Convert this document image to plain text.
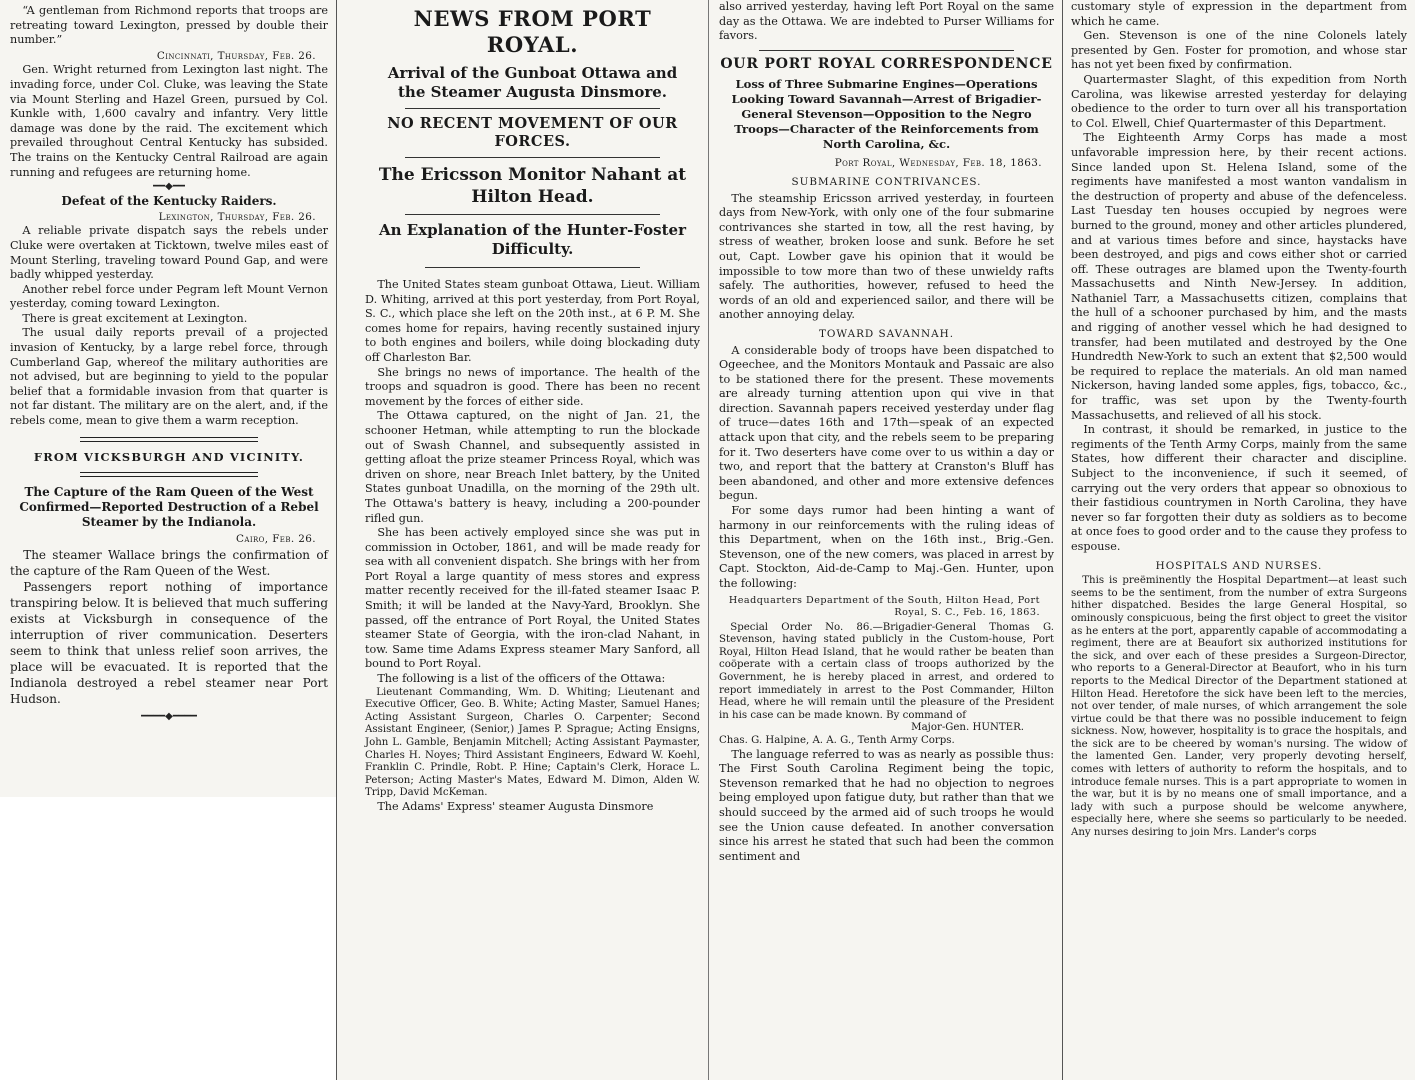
“A gentleman from Richmond reports that troops are retreating toward Lexington, pressed by double their number.”

Cincinnati, Thursday, Feb. 26.

Gen. Wright returned from Lexington last night. The invading force, under Col. Cluke, was leaving the State via Mount Sterling and Hazel Green, pursued by Col. Kunkle with, 1,600 cavalry and infantry. Very little damage was done by the raid. The excitement which prevailed throughout Central Kentucky has subsided. The trains on the Kentucky Central Railroad are again running and refugees are returning home.

━━◆━━
Defeat of the Kentucky Raiders.
Lexington, Thursday, Feb. 26.

A reliable private dispatch says the rebels under Cluke were overtaken at Ticktown, twelve miles east of Mount Sterling, traveling toward Pound Gap, and were badly whipped yesterday.

Another rebel force under Pegram left Mount Vernon yesterday, coming toward Lexington.

There is great excitement at Lexington.

The usual daily reports prevail of a projected invasion of Kentucky, by a large rebel force, through Cumberland Gap, whereof the military authorities are not advised, but are beginning to yield to the popular belief that a formidable invasion from that quarter is not far distant. The military are on the alert, and, if the rebels come, mean to give them a warm reception.

FROM VICKSBURGH AND VICINITY.
The Capture of the Ram Queen of the West Confirmed—Reported Destruction of a Rebel Steamer by the Indianola.
Cairo, Feb. 26.

The steamer Wallace brings the confirmation of the capture of the Ram Queen of the West.

Passengers report nothing of importance transpiring below. It is believed that much suffering exists at Vicksburgh in consequence of the interruption of river communication. Deserters seem to think that unless relief soon arrives, the place will be evacuated. It is reported that the Indianola destroyed a rebel steamer near Port Hudson.

━━━━◆━━━━
NEWS FROM PORT ROYAL.
Arrival of the Gunboat Ottawa and the Steamer Augusta Dinsmore.
NO RECENT MOVEMENT OF OUR FORCES.
The Ericsson Monitor Nahant at Hilton Head.
An Explanation of the Hunter-Foster Difficulty.

The United States steam gunboat Ottawa, Lieut. William D. Whiting, arrived at this port yesterday, from Port Royal, S. C., which place she left on the 20th inst., at 6 P. M. She comes home for repairs, having recently sustained injury to both engines and boilers, while doing blockading duty off Charleston Bar.

She brings no news of importance. The health of the troops and squadron is good. There has been no recent movement by the forces of either side.

The Ottawa captured, on the night of Jan. 21, the schooner Hetman, while attempting to run the blockade out of Swash Channel, and subsequently assisted in getting afloat the prize steamer Princess Royal, which was driven on shore, near Breach Inlet battery, by the United States gunboat Unadilla, on the morning of the 29th ult. The Ottawa's battery is heavy, including a 200-pounder rifled gun.

She has been actively employed since she was put in commission in October, 1861, and will be made ready for sea with all convenient dispatch. She brings with her from Port Royal a large quantity of mess stores and express matter recently received for the ill-fated steamer Isaac P. Smith; it will be landed at the Navy-Yard, Brooklyn. She passed, off the entrance of Port Royal, the United States steamer State of Georgia, with the iron-clad Nahant, in tow. Same time Adams Express steamer Mary Sanford, all bound to Port Royal.

The following is a list of the officers of the Ottawa:

Lieutenant Commanding, Wm. D. Whiting; Lieutenant and Executive Officer, Geo. B. White; Acting Master, Samuel Hanes; Acting Assistant Surgeon, Charles O. Carpenter; Second Assistant Engineer, (Senior,) James P. Sprague; Acting Ensigns, John L. Gamble, Benjamin Mitchell; Acting Assistant Paymaster, Charles H. Noyes; Third Assistant Engineers, Edward W. Koehl, Franklin C. Prindle, Robt. P. Hine; Captain's Clerk, Horace L. Peterson; Acting Master's Mates, Edward M. Dimon, Alden W. Tripp, David McKeman.

The Adams' Express' steamer Augusta Dinsmore

also arrived yesterday, having left Port Royal on the same day as the Ottawa. We are indebted to Purser Williams for favors.

OUR PORT ROYAL CORRESPONDENCE
Loss of Three Submarine Engines—Operations Looking Toward Savannah—Arrest of Brigadier-General Stevenson—Opposition to the Negro Troops—Character of the Reinforcements from North Carolina, &c.
Port Royal, Wednesday, Feb. 18, 1863.
SUBMARINE CONTRIVANCES.

The steamship Ericsson arrived yesterday, in fourteen days from New-York, with only one of the four submarine contrivances she started in tow, all the rest having, by stress of weather, broken loose and sunk. Before he set out, Capt. Lowber gave his opinion that it would be impossible to tow more than two of these unwieldy rafts safely. The authorities, however, refused to heed the words of an old and experienced sailor, and there will be another annoying delay.

TOWARD SAVANNAH.

A considerable body of troops have been dispatched to Ogeechee, and the Monitors Montauk and Passaic are also to be stationed there for the present. These movements are already turning attention upon qui vive in that direction. Savannah papers received yesterday under flag of truce—dates 16th and 17th—speak of an expected attack upon that city, and the rebels seem to be preparing for it. Two deserters have come over to us within a day or two, and report that the battery at Cranston's Bluff has been abandoned, and other and more extensive defences begun.

For some days rumor had been hinting a want of harmony in our reinforcements with the ruling ideas of this Department, when on the 16th inst., Brig.-Gen. Stevenson, one of the new comers, was placed in arrest by Capt. Stockton, Aid-de-Camp to Maj.-Gen. Hunter, upon the following:

Headquarters Department of the South, Hilton Head, Port Royal, S. C., Feb. 16, 1863.

Special Order No. 86.—Brigadier-General Thomas G. Stevenson, having stated publicly in the Custom-house, Port Royal, Hilton Head Island, that he would rather be beaten than coöperate with a certain class of troops authorized by the Government, he is hereby placed in arrest, and ordered to report immediately in arrest to the Post Commander, Hilton Head, where he will remain until the pleasure of the President in his case can be made known. By command of

Major-Gen. HUNTER.

Chas. G. Halpine, A. A. G., Tenth Army Corps.

The language referred to was as nearly as possible thus: The First South Carolina Regiment being the topic, Stevenson remarked that he had no objection to negroes being employed upon fatigue duty, but rather than that we should succeed by the armed aid of such troops he would see the Union cause defeated. In another conversation since his arrest he stated that such had been the common sentiment and

customary style of expression in the department from which he came.

Gen. Stevenson is one of the nine Colonels lately presented by Gen. Foster for promotion, and whose star has not yet been fixed by confirmation.

Quartermaster Slaght, of this expedition from North Carolina, was likewise arrested yesterday for delaying obedience to the order to turn over all his transportation to Col. Elwell, Chief Quartermaster of this Department.

The Eighteenth Army Corps has made a most unfavorable impression here, by their recent actions. Since landed upon St. Helena Island, some of the regiments have manifested a most wanton vandalism in the destruction of property and abuse of the defenceless. Last Tuesday ten houses occupied by negroes were burned to the ground, money and other articles plundered, and at various times before and since, haystacks have been destroyed, and pigs and cows either shot or carried off. These outrages are blamed upon the Twenty-fourth Massachusetts and Ninth New-Jersey. In addition, Nathaniel Tarr, a Massachusetts citizen, complains that the hull of a schooner purchased by him, and the masts and rigging of another vessel which he had designed to transfer, had been mutilated and destroyed by the One Hundredth New-York to such an extent that $2,500 would be required to replace the materials. An old man named Nickerson, having landed some apples, figs, tobacco, &c., for traffic, was set upon by the Twenty-fourth Massachusetts, and relieved of all his stock.

In contrast, it should be remarked, in justice to the regiments of the Tenth Army Corps, mainly from the same States, how different their character and discipline. Subject to the inconvenience, if such it seemed, of carrying out the very orders that appear so obnoxious to their fastidious countrymen in North Carolina, they have never so far forgotten their duty as soldiers as to become at once foes to good order and to the cause they profess to espouse.

HOSPITALS AND NURSES.

This is preëminently the Hospital Department—at least such seems to be the sentiment, from the number of extra Surgeons hither dispatched. Besides the large General Hospital, so ominously conspicuous, being the first object to greet the visitor as he enters at the port, apparently capable of accommodating a regiment, there are at Beaufort six authorized institutions for the sick, and over each of these presides a Surgeon-Director, who reports to a General-Director at Beaufort, who in his turn reports to the Medical Director of the Department stationed at Hilton Head. Heretofore the sick have been left to the mercies, not over tender, of male nurses, of which arrangement the sole virtue could be that there was no possible inducement to feign sickness. Now, however, hospitality is to grace the hospitals, and the sick are to be cheered by woman's nursing. The widow of the lamented Gen. Lander, very properly devoting herself, comes with letters of authority to reform the hospitals, and to introduce female nurses. This is a part appropriate to women in the war, but it is by no means one of small importance, and a lady with such a purpose should be welcome anywhere, especially here, where she seems so particularly to be needed. Any nurses desiring to join Mrs. Lander's corps
